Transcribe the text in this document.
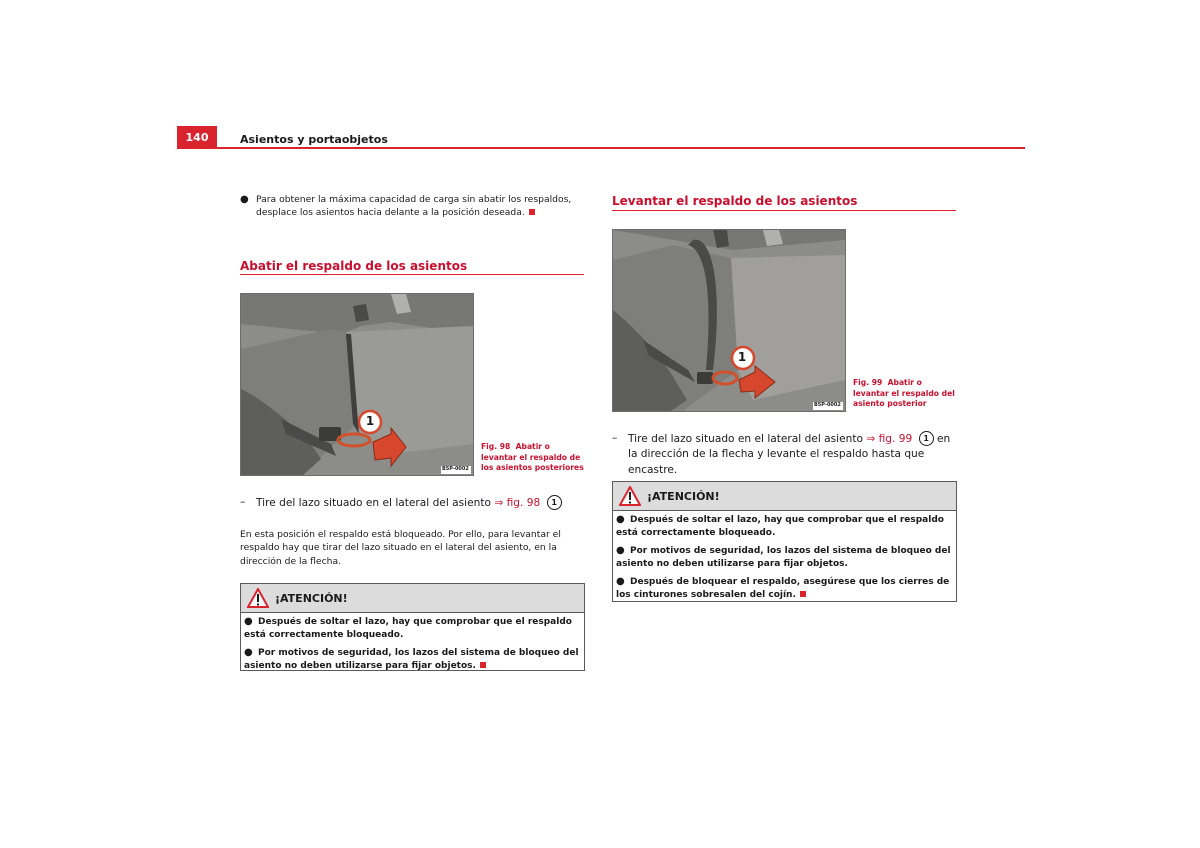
140	Asientos y portaobjetos
● Para obtener la máxima capacidad de carga sin abatir los respaldos, desplace los asientos hacia delante a la posición deseada.
Abatir el respaldo de los asientos
1
B5P-0002
Fig. 98 Abatir o levantar el respaldo de los asientos posteriores
–	Tire del lazo situado en el lateral del asiento ⇒ fig. 98 1
En esta posición el respaldo está bloqueado. Por ello, para levantar el respaldo hay que tirar del lazo situado en el lateral del asiento, en la dirección de la flecha.
¡ATENCIÓN!
● Después de soltar el lazo, hay que comprobar que el respaldo está correctamente bloqueado.
● Por motivos de seguridad, los lazos del sistema de bloqueo del asiento no deben utilizarse para fijar objetos.
Levantar el respaldo de los asientos
1
B5P-0002
Fig. 99 Abatir o levantar el respaldo del asiento posterior
–	Tire del lazo situado en el lateral del asiento ⇒ fig. 99 1 en la dirección de la flecha y levante el respaldo hasta que encastre.
¡ATENCIÓN!
● Después de soltar el lazo, hay que comprobar que el respaldo está correctamente bloqueado.
● Por motivos de seguridad, los lazos del sistema de bloqueo del asiento no deben utilizarse para fijar objetos.
● Después de bloquear el respaldo, asegúrese que los cierres de los cinturones sobresalen del cojín.
